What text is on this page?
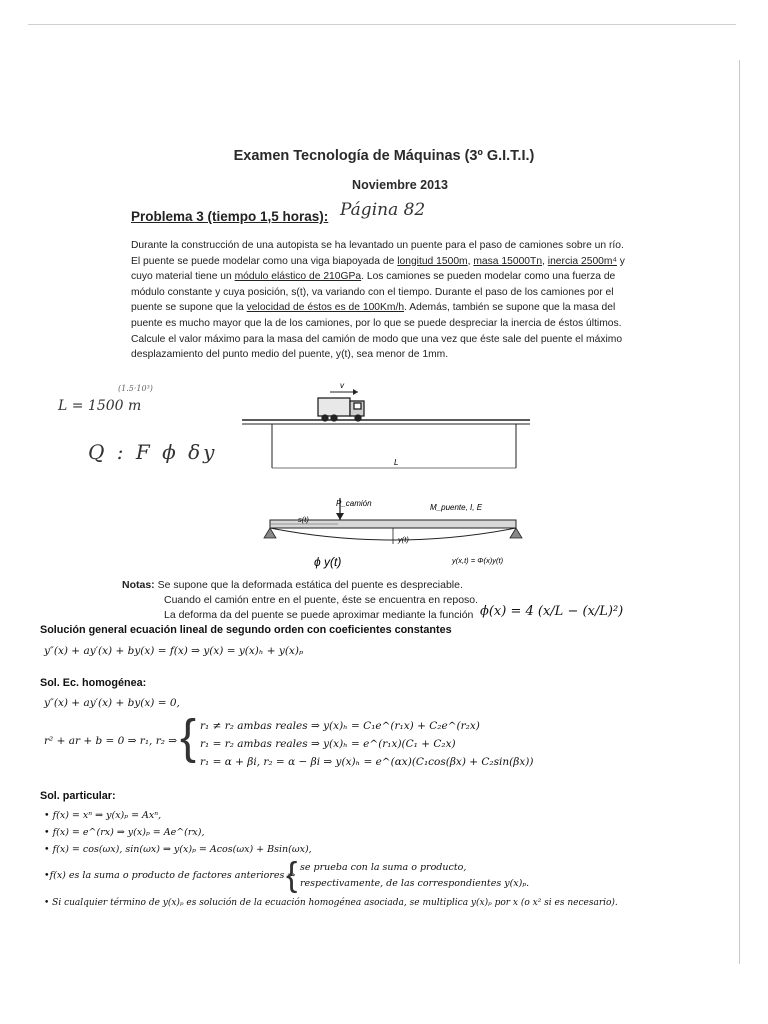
Examen Tecnología de Máquinas (3º G.I.T.I.)
Noviembre 2013
Problema 3 (tiempo 1,5 horas): Página 82

Durante la construcción de una autopista se ha levantado un puente para el paso de camiones sobre un río.

El puente se puede modelar como una viga biapoyada de longitud 1500m, masa 15000Tn, inercia 2500m⁴ y

cuyo material tiene un módulo elástico de 210GPa. Los camiones se pueden modelar como una fuerza de

módulo constante y cuya posición, s(t), va variando con el tiempo. Durante el paso de los camiones por el

puente se supone que la velocidad de éstos es de 100Km/h. Además, también se supone que la masa del

puente es mucho mayor que la de los camiones, por lo que se puede despreciar la inercia de éstos últimos.

Calcule el valor máximo para la masa del camión de modo que una vez que éste sale del puente el máximo

desplazamiento del punto medio del puente, y(t), sea menor de 1mm.

L = 1500 m
(1.5·10³)
Q : F ϕ δy
v
L
P_camión	M_puente, I, E
s(t)
y(t)
y(x,t) = Φ(x)y(t)
ϕ y(t)
Notas: Se supone que la deformada estática del puente es despreciable.
Cuando el camión entre en el puente, éste se encuentra en reposo.
La deforma da del puente se puede aproximar mediante la función ϕ(x) = 4 (x/L − (x/L)²)
Solución general ecuación lineal de segundo orden con coeficientes constantes
y″(x) + ay′(x) + by(x) = f(x) ⇒ y(x) = y(x)ₕ + y(x)ₚ
Sol. Ec. homogénea:
y″(x) + ay′(x) + by(x) = 0,
r² + ar + b = 0 ⇒ r₁, r₂ ⇒ { r₁ ≠ r₂ ambas reales ⇒ y(x)ₕ = C₁e^(r₁x) + C₂e^(r₂x)
r₁ = r₂ ambas reales ⇒ y(x)ₕ = e^(r₁x)(C₁ + C₂x)
r₁ = α + βi, r₂ = α − βi ⇒ y(x)ₕ = e^(αx)(C₁cos(βx) + C₂sin(βx))
Sol. particular:
• f(x) = xⁿ ⇒ y(x)ₚ = Axⁿ,
• f(x) = e^(rx) ⇒ y(x)ₚ = Ae^(rx),
• f(x) = cos(ωx), sin(ωx) ⇒ y(x)ₚ = Acos(ωx) + Bsin(ωx),
•f(x) es la suma o producto de factores anteriores ⇒
{ se prueba con la suma o producto,
respectivamente, de las correspondientes y(x)ₚ.
• Si cualquier término de y(x)ₚ es solución de la ecuación homogénea asociada, se multiplica y(x)ₚ por x (o x² si es necesario).
